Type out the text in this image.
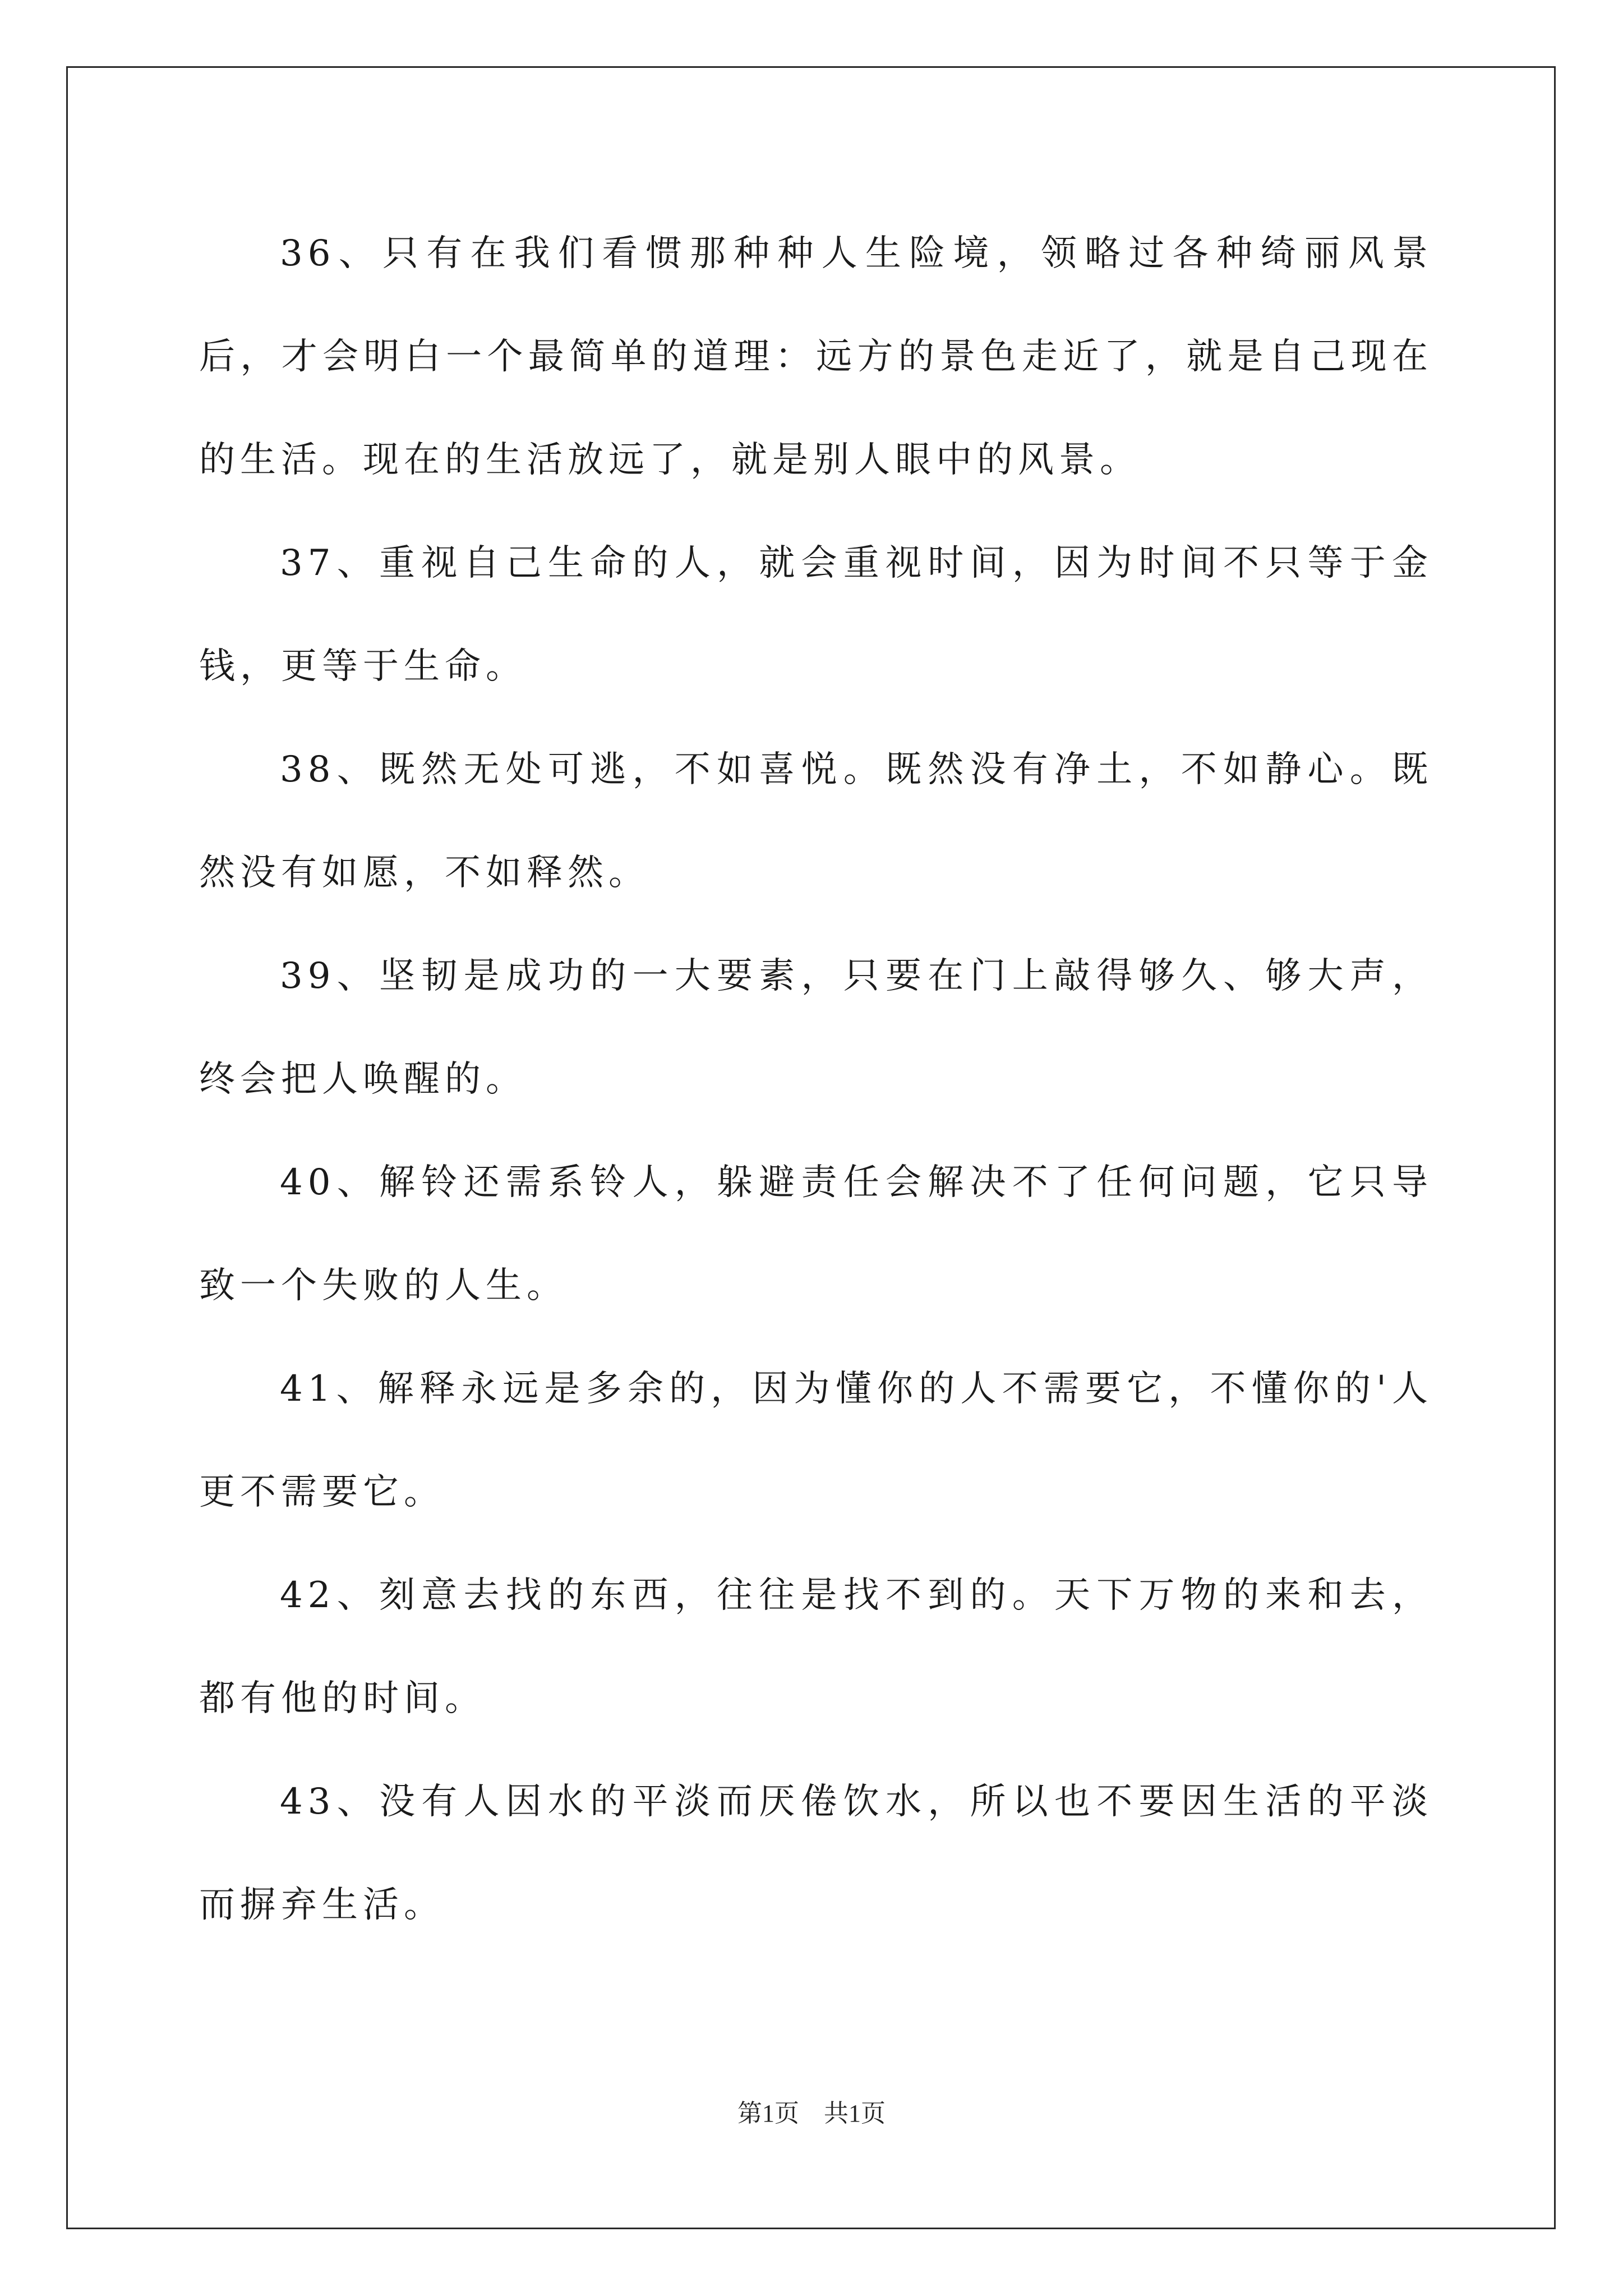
36、只有在我们看惯那种种人生险境，领略过各种绮丽风景后，才会明白一个最简单的道理：远方的景色走近了，就是自己现在的生活。现在的生活放远了，就是别人眼中的风景。

37、重视自己生命的人，就会重视时间，因为时间不只等于金钱，更等于生命。

38、既然无处可逃，不如喜悦。既然没有净土，不如静心。既然没有如愿，不如释然。

39、坚韧是成功的一大要素，只要在门上敲得够久、够大声，终会把人唤醒的。

40、解铃还需系铃人，躲避责任会解决不了任何问题，它只导致一个失败的人生。

41、解释永远是多余的，因为懂你的人不需要它，不懂你的'人更不需要它。

42、刻意去找的东西，往往是找不到的。天下万物的来和去，都有他的时间。

43、没有人因水的平淡而厌倦饮水，所以也不要因生活的平淡而摒弃生活。

第1页　共1页
